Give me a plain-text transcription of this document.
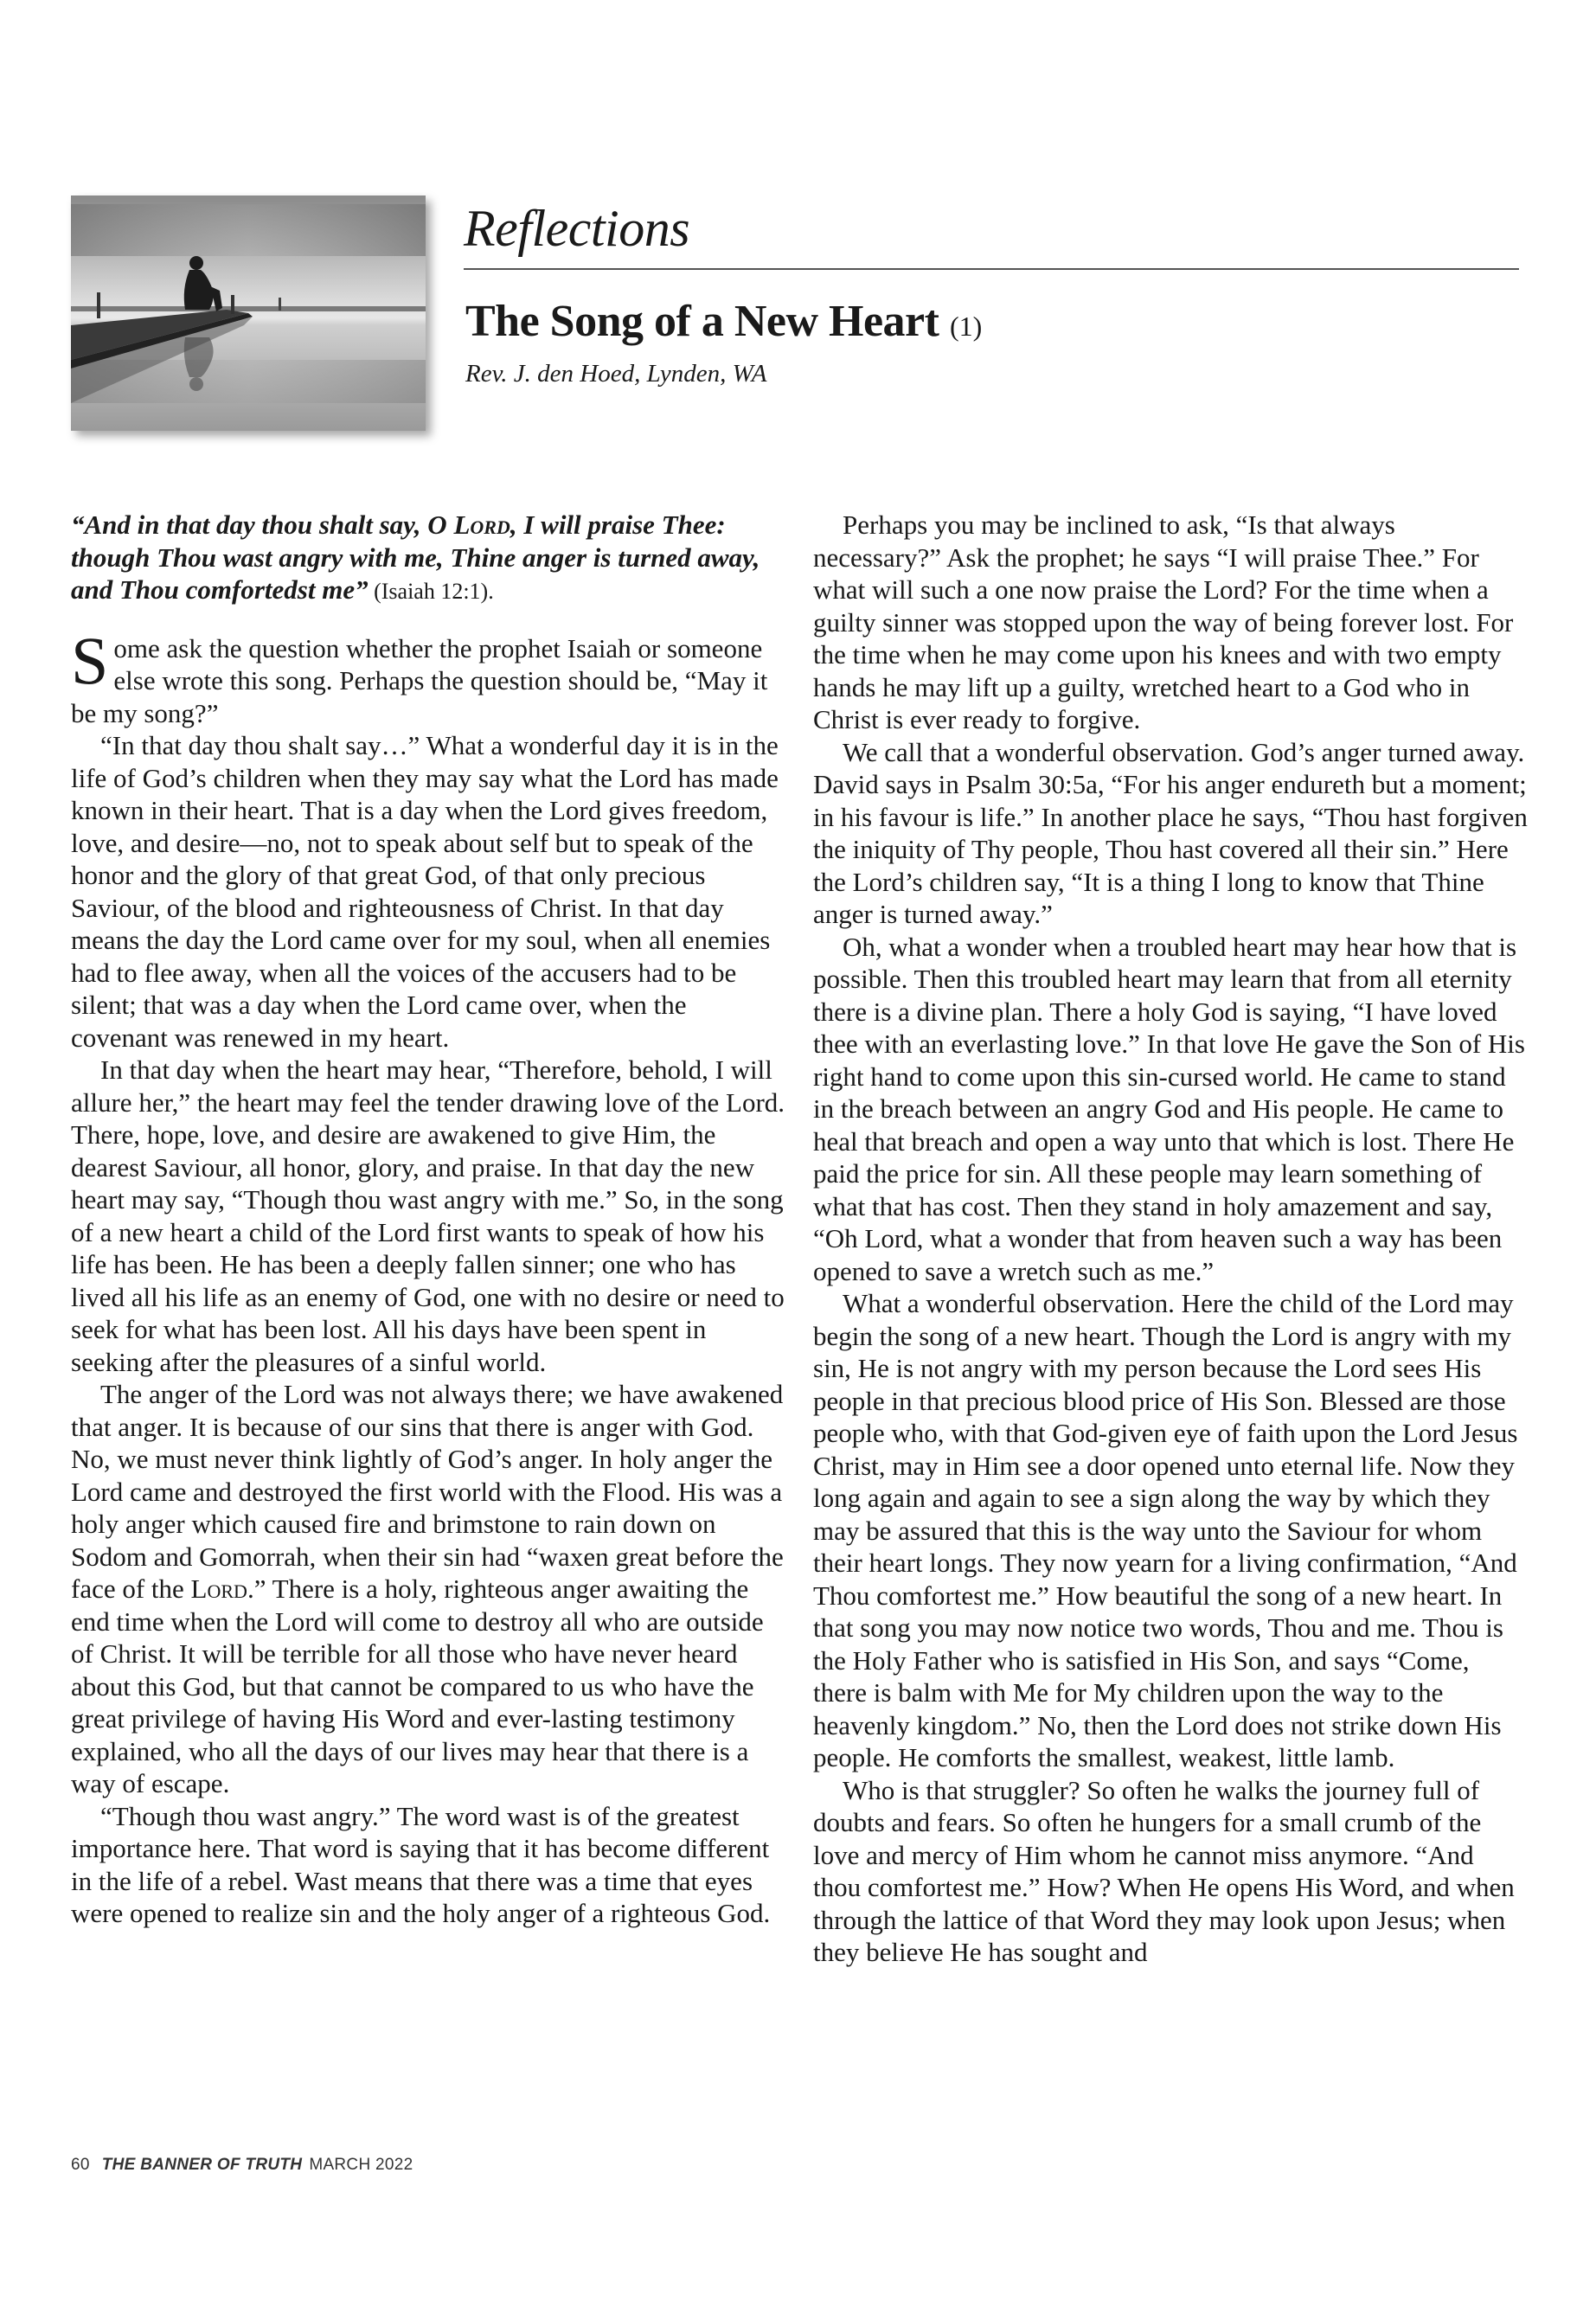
Reflections
The Song of a New Heart (1)

Rev. J. den Hoed, Lynden, WA

“And in that day thou shalt say, O Lord, I will praise Thee: though Thou wast angry with me, Thine anger is turned away, and Thou comfortedst me” (Isaiah 12:1).

Some ask the question whether the prophet Isaiah or someone else wrote this song. Perhaps the question should be, “May it be my song?”

“In that day thou shalt say…” What a wonderful day it is in the life of God’s children when they may say what the Lord has made known in their heart. That is a day when the Lord gives freedom, love, and desire—no, not to speak about self but to speak of the honor and the glory of that great God, of that only precious Saviour, of the blood and righteousness of Christ. In that day means the day the Lord came over for my soul, when all enemies had to flee away, when all the voices of the accusers had to be silent; that was a day when the Lord came over, when the covenant was renewed in my heart.

In that day when the heart may hear, “Therefore, behold, I will allure her,” the heart may feel the tender drawing love of the Lord. There, hope, love, and desire are awakened to give Him, the dearest Saviour, all honor, glory, and praise. In that day the new heart may say, “Though thou wast angry with me.” So, in the song of a new heart a child of the Lord first wants to speak of how his life has been. He has been a deeply fallen sinner; one who has lived all his life as an enemy of God, one with no desire or need to seek for what has been lost. All his days have been spent in seeking after the pleasures of a sinful world.

The anger of the Lord was not always there; we have awakened that anger. It is because of our sins that there is anger with God. No, we must never think lightly of God’s anger. In holy anger the Lord came and destroyed the first world with the Flood. His was a holy anger which caused fire and brimstone to rain down on Sodom and Gomorrah, when their sin had “waxen great before the face of the Lord.” There is a holy, righteous anger awaiting the end time when the Lord will come to destroy all who are outside of Christ. It will be terrible for all those who have never heard about this God, but that cannot be compared to us who have the great privilege of having His Word and ever-lasting testimony explained, who all the days of our lives may hear that there is a way of escape.

“Though thou wast angry.” The word wast is of the greatest importance here. That word is saying that it has become different in the life of a rebel. Wast means that there was a time that eyes were opened to realize sin and the holy anger of a righteous God.

Perhaps you may be inclined to ask, “Is that always necessary?” Ask the prophet; he says “I will praise Thee.” For what will such a one now praise the Lord? For the time when a guilty sinner was stopped upon the way of being forever lost. For the time when he may come upon his knees and with two empty hands he may lift up a guilty, wretched heart to a God who in Christ is ever ready to forgive.

We call that a wonderful observation. God’s anger turned away. David says in Psalm 30:5a, “For his anger endureth but a moment; in his favour is life.” In another place he says, “Thou hast forgiven the iniquity of Thy people, Thou hast covered all their sin.” Here the Lord’s children say, “It is a thing I long to know that Thine anger is turned away.”

Oh, what a wonder when a troubled heart may hear how that is possible. Then this troubled heart may learn that from all eternity there is a divine plan. There a holy God is saying, “I have loved thee with an everlasting love.” In that love He gave the Son of His right hand to come upon this sin-cursed world. He came to stand in the breach between an angry God and His people. He came to heal that breach and open a way unto that which is lost. There He paid the price for sin. All these people may learn something of what that has cost. Then they stand in holy amazement and say, “Oh Lord, what a wonder that from heaven such a way has been opened to save a wretch such as me.”

What a wonderful observation. Here the child of the Lord may begin the song of a new heart. Though the Lord is angry with my sin, He is not angry with my person because the Lord sees His people in that precious blood price of His Son. Blessed are those people who, with that God-given eye of faith upon the Lord Jesus Christ, may in Him see a door opened unto eternal life. Now they long again and again to see a sign along the way by which they may be assured that this is the way unto the Saviour for whom their heart longs. They now yearn for a living confirmation, “And Thou comfortest me.” How beautiful the song of a new heart. In that song you may now notice two words, Thou and me. Thou is the Holy Father who is satisfied in His Son, and says “Come, there is balm with Me for My children upon the way to the heavenly kingdom.” No, then the Lord does not strike down His people. He comforts the smallest, weakest, little lamb.

Who is that struggler? So often he walks the journey full of doubts and fears. So often he hungers for a small crumb of the love and mercy of Him whom he cannot miss anymore. “And thou comfortest me.” How? When He opens His Word, and when through the lattice of that Word they may look upon Jesus; when they believe He has sought and

60 THE BANNER OF TRUTH MARCH 2022
